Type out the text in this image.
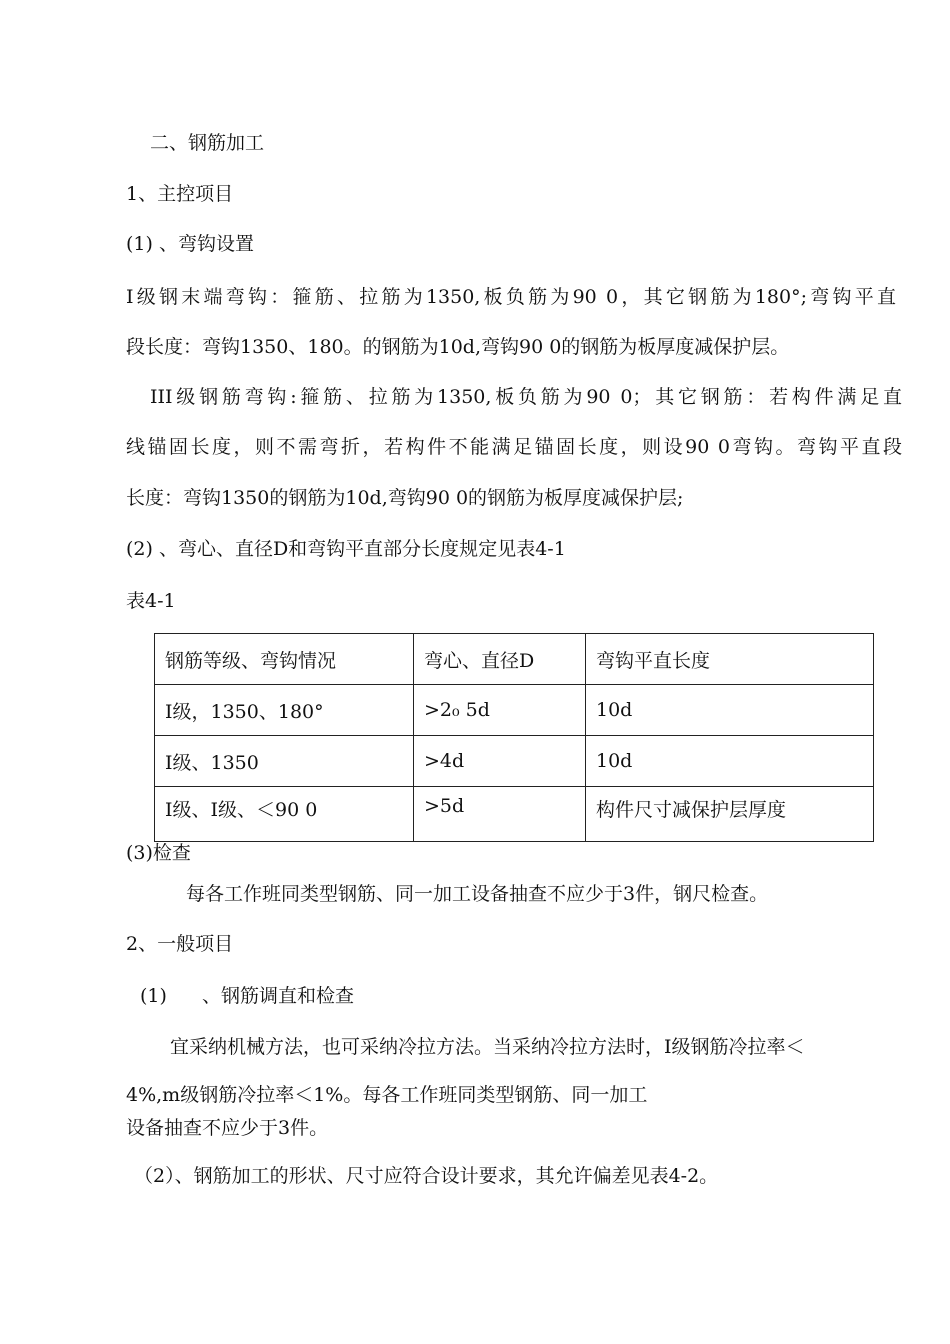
二、钢筋加工
1、主控项目
(1) 、弯钩设置
I级钢末端弯钩：箍筋、拉筋为1350,板负筋为90 0，其它钢筋为180°;弯钩平直
段长度：弯钩1350、180。的钢筋为10d,弯钩90 0的钢筋为板厚度减保护层。
III级钢筋弯钩:箍筋、拉筋为1350,板负筋为90 0；其它钢筋：若构件满足直
线锚固长度，则不需弯折，若构件不能满足锚固长度，则设90 0弯钩。弯钩平直段
长度：弯钩1350的钢筋为10d,弯钩90 0的钢筋为板厚度减保护层;
(2) 、弯心、直径D和弯钩平直部分长度规定见表4-1
表4-1
钢筋等级、弯钩情况	弯心、直径D	弯钩平直长度
I级，1350、180°	>2₀ 5d	10d
I级、1350	>4d	10d
I级、I级、＜90 0	>5d	构件尺寸减保护层厚度
(3)检查
每各工作班同类型钢筋、同一加工设备抽查不应少于3件，钢尺检查。
2、一般项目
(1) 、钢筋调直和检查
宜采纳机械方法，也可采纳冷拉方法。当采纳冷拉方法时，I级钢筋冷拉率＜
4%,m级钢筋冷拉率＜1%。每各工作班同类型钢筋、同一加工
设备抽查不应少于3件。
（2）、钢筋加工的形状、尺寸应符合设计要求，其允许偏差见表4-2。
